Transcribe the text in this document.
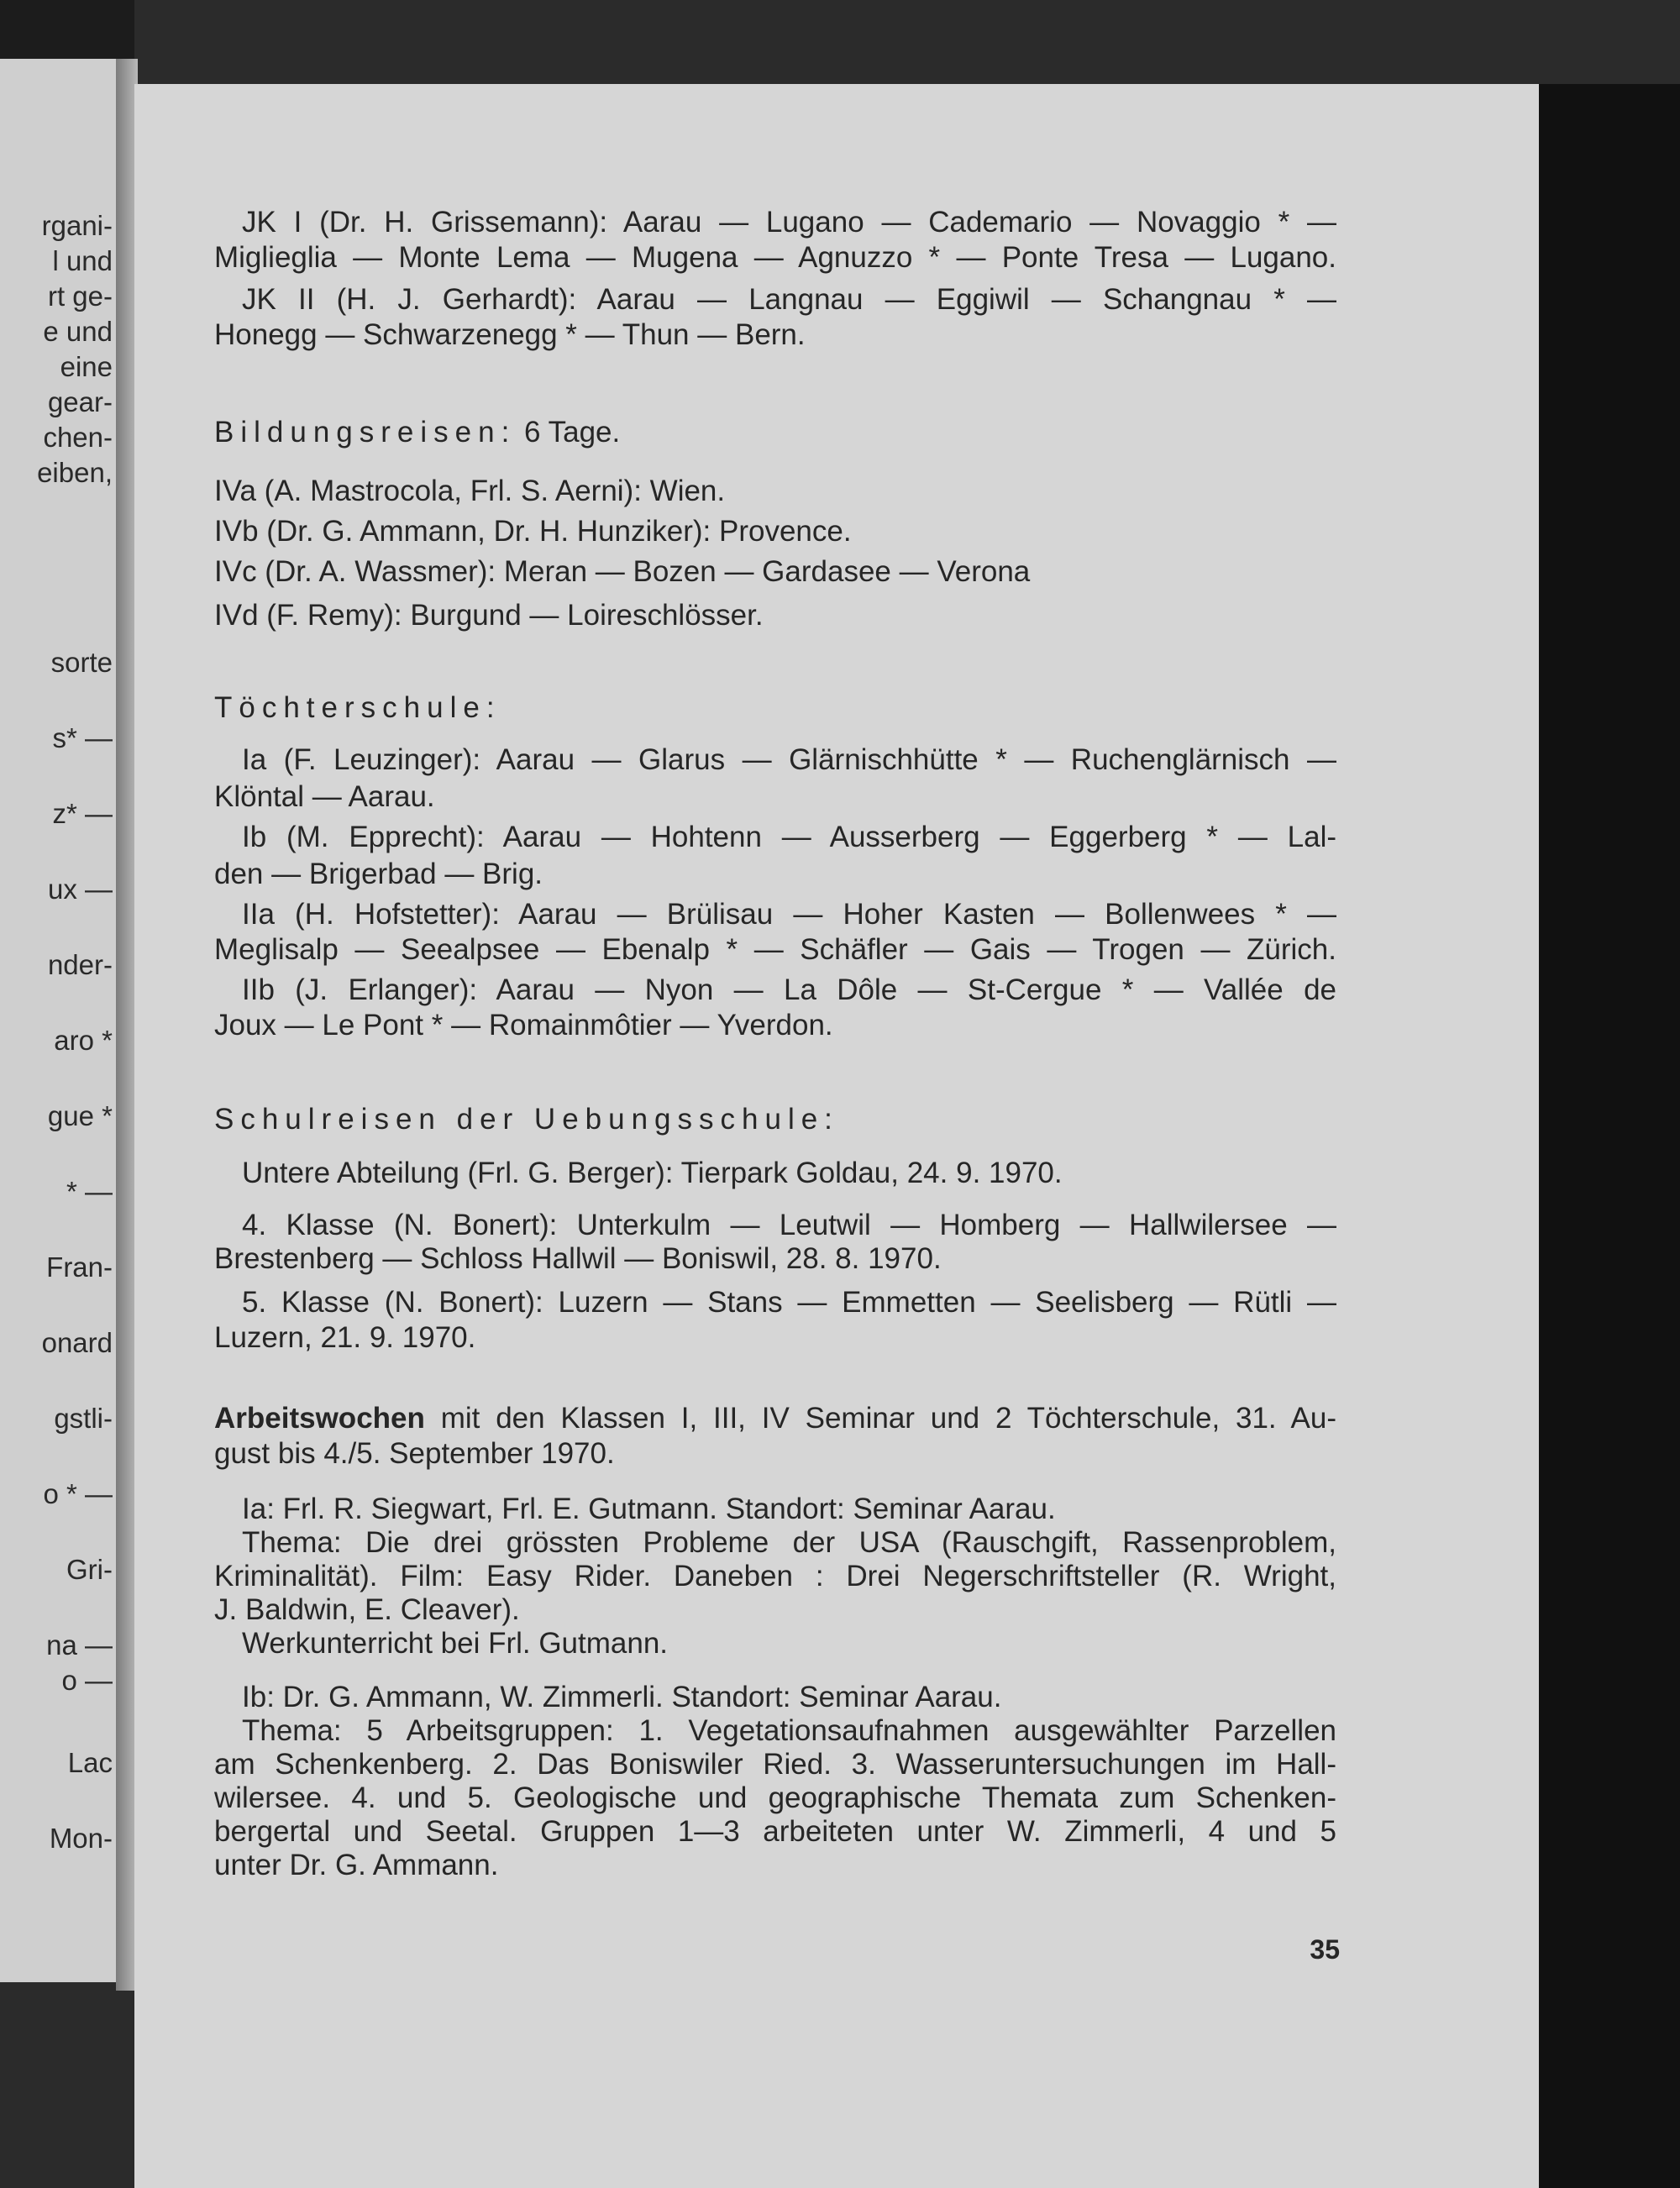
rgani-
l und
rt ge-
e und
eine
gear-
chen-
eiben,
sorte
s* —
z* —
ux —
nder-
aro *
gue *
* —
Fran-
onard
gstli-
o * —
Gri-
na —
o —
Lac
Mon-
JK I (Dr. H. Grissemann): Aarau — Lugano — Cademario — Novaggio * —
Miglieglia — Monte Lema — Mugena — Agnuzzo * — Ponte Tresa — Lugano.
JK II (H. J. Gerhardt): Aarau — Langnau — Eggiwil — Schangnau * —
Honegg — Schwarzenegg * — Thun — Bern.
Bildungsreisen: 6 Tage.
IVa (A. Mastrocola, Frl. S. Aerni): Wien.
IVb (Dr. G. Ammann, Dr. H. Hunziker): Provence.
IVc (Dr. A. Wassmer): Meran — Bozen — Gardasee — Verona
IVd (F. Remy): Burgund — Loireschlösser.
Töchterschule:
Ia (F. Leuzinger): Aarau — Glarus — Glärnischhütte * — Ruchenglärnisch —
Klöntal — Aarau.
Ib (M. Epprecht): Aarau — Hohtenn — Ausserberg — Eggerberg * — Lal-
den — Brigerbad — Brig.
IIa (H. Hofstetter): Aarau — Brülisau — Hoher Kasten — Bollenwees * —
Meglisalp — Seealpsee — Ebenalp * — Schäfler — Gais — Trogen — Zürich.
IIb (J. Erlanger): Aarau — Nyon — La Dôle — St-Cergue * — Vallée de
Joux — Le Pont * — Romainmôtier — Yverdon.
Schulreisen der Uebungsschule:
Untere Abteilung (Frl. G. Berger): Tierpark Goldau, 24. 9. 1970.
4. Klasse (N. Bonert): Unterkulm — Leutwil — Homberg — Hallwilersee —
Brestenberg — Schloss Hallwil — Boniswil, 28. 8. 1970.
5. Klasse (N. Bonert): Luzern — Stans — Emmetten — Seelisberg — Rütli —
Luzern, 21. 9. 1970.
Arbeitswochen mit den Klassen I, III, IV Seminar und 2 Töchterschule, 31. Au-
gust bis 4./5. September 1970.
Ia: Frl. R. Siegwart, Frl. E. Gutmann. Standort: Seminar Aarau.
Thema: Die drei grössten Probleme der USA (Rauschgift, Rassenproblem,
Kriminalität). Film: Easy Rider. Daneben : Drei Negerschriftsteller (R. Wright,
J. Baldwin, E. Cleaver).
Werkunterricht bei Frl. Gutmann.
Ib: Dr. G. Ammann, W. Zimmerli. Standort: Seminar Aarau.
Thema: 5 Arbeitsgruppen: 1. Vegetationsaufnahmen ausgewählter Parzellen
am Schenkenberg. 2. Das Boniswiler Ried. 3. Wasseruntersuchungen im Hall-
wilersee. 4. und 5. Geologische und geographische Themata zum Schenken-
bergertal und Seetal. Gruppen 1—3 arbeiteten unter W. Zimmerli, 4 und 5
unter Dr. G. Ammann.
35
